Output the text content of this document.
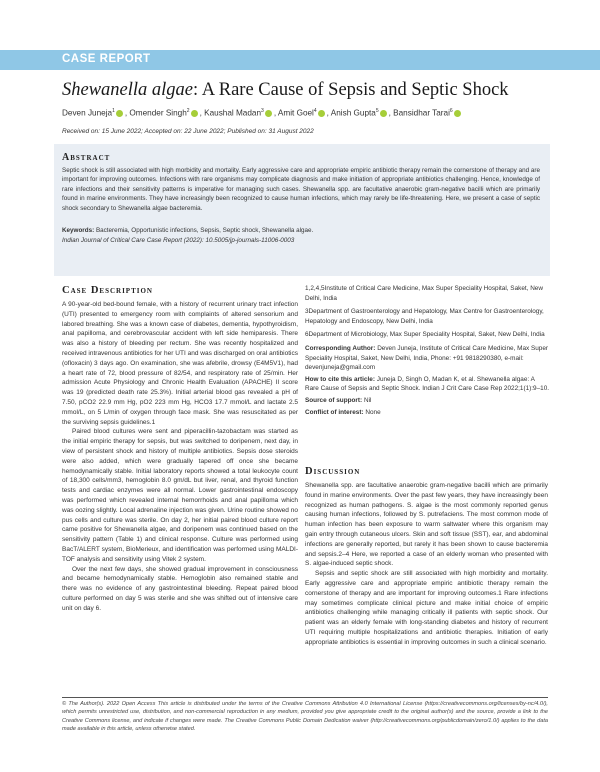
CASE REPORT
Shewanella algae: A Rare Cause of Sepsis and Septic Shock
Deven Juneja$^1$ , Omender Singh$^2$ , Kaushal Madan$^3$ , Amit Goel$^4$ , Anish Gupta$^5$ , Bansidhar Tarai$^6$
Received on: 15 June 2022; Accepted on: 22 June 2022; Published on: 31 August 2022
Abstract
Septic shock is still associated with high morbidity and mortality. Early aggressive care and appropriate empiric antibiotic therapy remain the cornerstone of therapy and are important for improving outcomes. Infections with rare organisms may complicate diagnosis and make initiation of appropriate antibiotics challenging. Hence, knowledge of rare infections and their sensitivity patterns is imperative for managing such cases. Shewanella spp. are facultative anaerobic gram-negative bacilli which are primarily found in marine environments. They have increasingly been recognized to cause human infections, which may rarely be life-threatening. Here, we present a case of septic shock secondary to Shewanella algae bacteremia.
Keywords: Bacteremia, Opportunistic infections, Sepsis, Septic shock, Shewanella algae.
Indian Journal of Critical Care Case Report (2022): 10.5005/jp-journals-11006-0003
Case Description

A 90-year-old bed-bound female, with a history of recurrent urinary tract infection (UTI) presented to emergency room with complaints of altered sensorium and labored breathing. She was a known case of diabetes, dementia, hypothyroidism, anal papilloma, and cerebrovascular accident with left side hemiparesis. There was also a history of bleeding per rectum. She was recently hospitalized and received intravenous antibiotics for her UTI and was discharged on oral antibiotics (ofloxacin) 3 days ago. On examination, she was afebrile, drowsy (E4M5V1), had a heart rate of 72, blood pressure of 82/54, and respiratory rate of 25/min. Her admission Acute Physiology and Chronic Health Evaluation (APACHE) II score was 19 (predicted death rate 25.3%). Initial arterial blood gas revealed a pH of 7.50, pCO2 22.9 mm Hg, pO2 223 mm Hg, HCO3 17.7 mmol/L and lactate 2.5 mmol/L, on 5 L/min of oxygen through face mask. She was resuscitated as per the surviving sepsis guidelines.1

Paired blood cultures were sent and piperacillin-tazobactam was started as the initial empiric therapy for sepsis, but was switched to doripenem, next day, in view of persistent shock and history of multiple antibiotics. Sepsis dose steroids were also added, which were gradually tapered off once she became hemodynamically stable. Initial laboratory reports showed a total leukocyte count of 18,300 cells/mm3, hemoglobin 8.0 gm/dL but liver, renal, and thyroid function tests and cardiac enzymes were all normal. Lower gastrointestinal endoscopy was performed which revealed internal hemorrhoids and anal papilloma which was oozing slightly. Local adrenaline injection was given. Urine routine showed no pus cells and culture was sterile. On day 2, her initial paired blood culture report came positive for Shewanella algae, and doripenem was continued based on the sensitivity pattern (Table 1) and clinical response. Culture was performed using BacT/ALERT system, BioMerieux, and identification was performed using MALDI-TOF analysis and sensitivity using Vitek 2 system.

Over the next few days, she showed gradual improvement in consciousness and became hemodynamically stable. Hemoglobin also remained stable and there was no evidence of any gastrointestinal bleeding. Repeat paired blood culture performed on day 5 was sterile and she was shifted out of intensive care unit on day 6.

1,2,4,5Institute of Critical Care Medicine, Max Super Speciality Hospital, Saket, New Delhi, India
3Department of Gastroenterology and Hepatology, Max Centre for Gastroenterology, Hepatology and Endoscopy, New Delhi, India
6Department of Microbiology, Max Super Speciality Hospital, Saket, New Delhi, India
Corresponding Author: Deven Juneja, Institute of Critical Care Medicine, Max Super Speciality Hospital, Saket, New Delhi, India, Phone: +91 9818290380, e-mail: devenjuneja@gmail.com
How to cite this article: Juneja D, Singh O, Madan K, et al. Shewanella algae: A Rare Cause of Sepsis and Septic Shock. Indian J Crit Care Case Rep 2022;1(1):9–10.
Source of support: Nil
Conflict of interest: None
Discussion

Shewanella spp. are facultative anaerobic gram-negative bacilli which are primarily found in marine environments. Over the past few years, they have increasingly been recognized as human pathogens. S. algae is the most commonly reported genus causing human infections, followed by S. putrefaciens. The most common mode of human infection has been exposure to warm saltwater where this organism may gain entry through cutaneous ulcers. Skin and soft tissue (SST), ear, and abdominal infections are generally reported, but rarely it has been shown to cause bacteremia and sepsis.2–4 Here, we reported a case of an elderly woman who presented with S. algae-induced septic shock.

Sepsis and septic shock are still associated with high morbidity and mortality. Early aggressive care and appropriate empiric antibiotic therapy remain the cornerstone of therapy and are important for improving outcomes.1 Rare infections may sometimes complicate clinical picture and make initial choice of empiric antibiotics challenging while managing critically ill patients with septic shock. Our patient was an elderly female with long-standing diabetes and history of recurrent UTI requiring multiple hospitalizations and antibiotic therapies. Initiation of early appropriate antibiotics is essential in improving outcomes in such a clinical scenario.

© The Author(s). 2022 Open Access This article is distributed under the terms of the Creative Commons Attribution 4.0 International License (https://creativecommons.org/licenses/by-nc/4.0/), which permits unrestricted use, distribution, and non-commercial reproduction in any medium, provided you give appropriate credit to the original author(s) and the source, provide a link to the Creative Commons license, and indicate if changes were made. The Creative Commons Public Domain Dedication waiver (http://creativecommons.org/publicdomain/zero/1.0/) applies to the data made available in this article, unless otherwise stated.
